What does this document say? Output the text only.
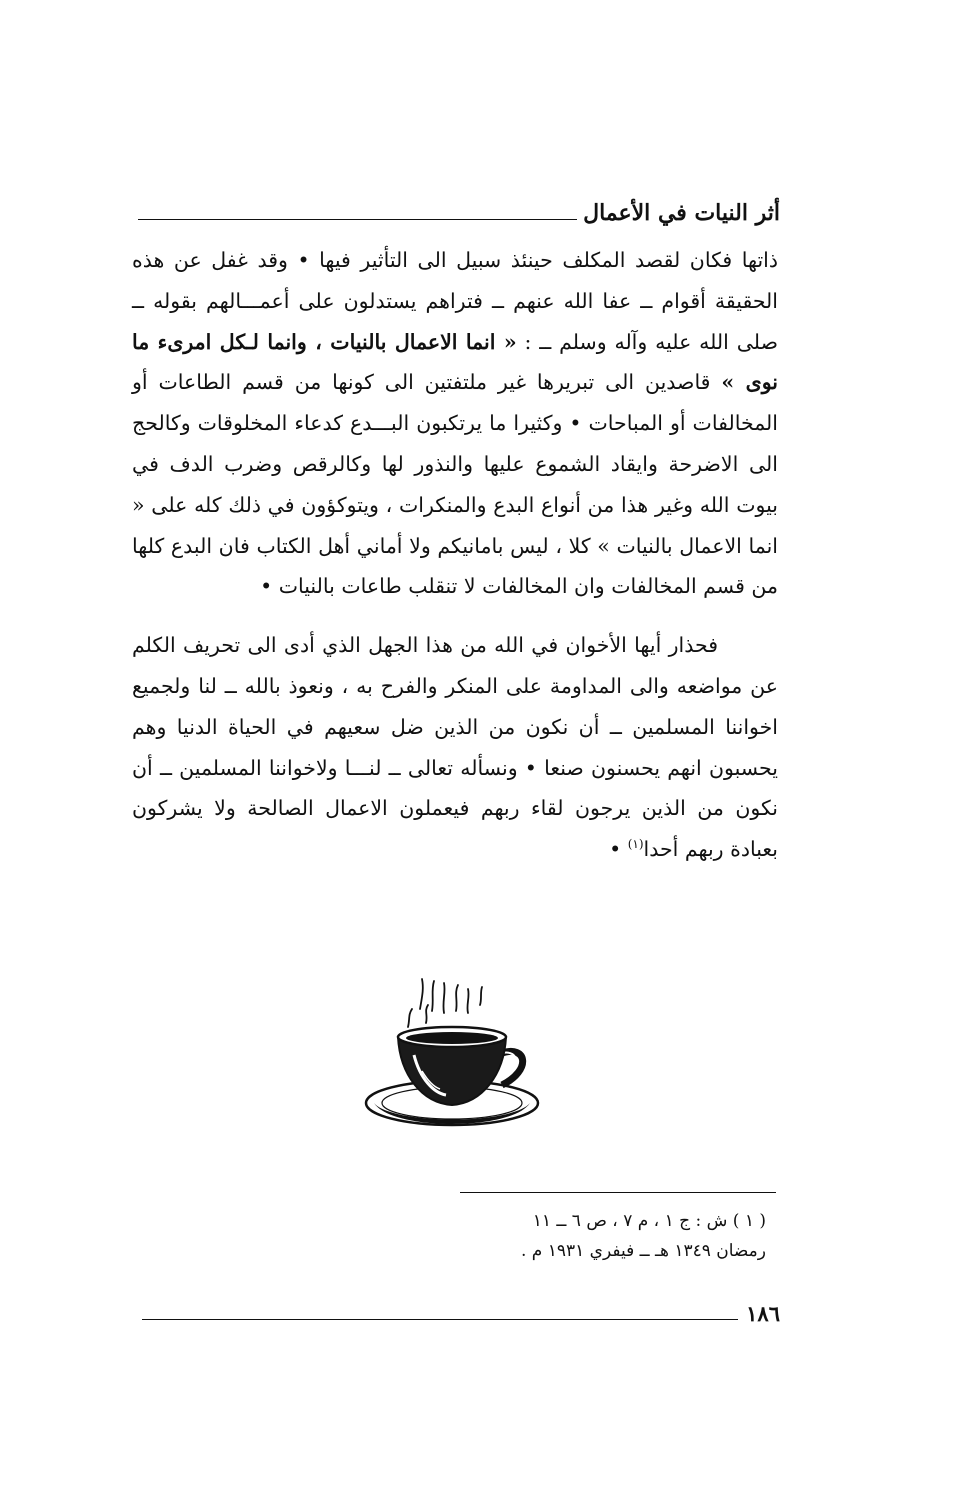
أثر النيات في الأعمال

ذاتها فكان لقصد المكلف حينئذ سبيل الى التأثير فيها • وقد غفل عن هذه الحقيقة أقوام ــ عفا الله عنهم ــ فتراهم يستدلون على أعمـــالهم بقوله ــ صلى الله عليه وآله وسلم ــ : « انما الاعمال بالنيات ، وانما لـكل امرىء ما نوى » قاصدين الى تبريرها غير ملتفتين الى كونها من قسم الطاعات أو المخالفات أو المباحات • وكثيرا ما يرتكبون البـــدع كدعاء المخلوقات وكالحج الى الاضرحة وايقاد الشموع عليها والنذور لها وكالرقص وضرب الدف في بيوت الله وغير هذا من أنواع البدع والمنكرات ، ويتوكؤون في ذلك كله على « انما الاعمال بالنيات » كلا ، ليس بامانيكم ولا أماني أهل الكتاب فان البدع كلها من قسم المخالفات وان المخالفات لا تنقلب طاعات بالنيات •

فحذار أيها الأخوان في الله من هذا الجهل الذي أدى الى تحريف الكلم عن مواضعه والى المداومة على المنكر والفرح به ، ونعوذ بالله ــ لنا ولجميع اخواننا المسلمين ــ أن نكون من الذين ضل سعيهم في الحياة الدنيا وهم يحسبون انهم يحسنون صنعا • ونسأله تعالى ــ لنـــا ولاخواننا المسلمين ــ أن نكون من الذين يرجون لقاء ربهم فيعملون الاعمال الصالحة ولا يشركون بعبادة ربهم أحدا$^{(١)}$ •

( ١ ) ش : ج ١ ، م ٧ ، ص ٦ ــ ١١
رمضان ١٣٤٩ هـ ــ فيفري ١٩٣١ م .
١٨٦
